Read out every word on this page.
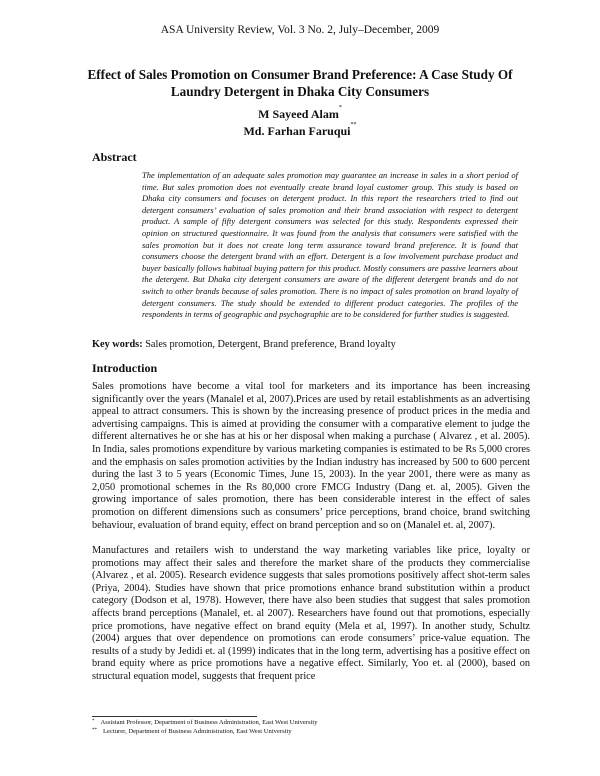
ASA University Review, Vol. 3 No. 2, July–December, 2009
Effect of Sales Promotion on Consumer Brand Preference: A Case Study Of Laundry Detergent in Dhaka City Consumers
M Sayeed Alam*
Md. Farhan Faruqui**
Abstract
The implementation of an adequate sales promotion may guarantee an increase in sales in a short period of time. But sales promotion does not eventually create brand loyal customer group. This study is based on Dhaka city consumers and focuses on detergent product. In this report the researchers tried to find out detergent consumers’ evaluation of sales promotion and their brand association with respect to detergent product. A sample of fifty detergent consumers was selected for this study. Respondents expressed their opinion on structured questionnaire. It was found from the analysis that consumers were satisfied with the sales promotion but it does not create long term assurance toward brand preference. It is found that consumers choose the detergent brand with an effort. Detergent is a low involvement purchase product and buyer basically follows habitual buying pattern for this product. Mostly consumers are passive learners about the detergent. But Dhaka city detergent consumers are aware of the different detergent brands and do not switch to other brands because of sales promotion. There is no impact of sales promotion on brand loyalty of detergent consumers. The study should be extended to different product categories. The profiles of the respondents in terms of geographic and psychographic are to be considered for further studies is suggested.
Key words: Sales promotion, Detergent, Brand preference, Brand loyalty
Introduction
Sales promotions have become a vital tool for marketers and its importance has been increasing significantly over the years (Manalel et al, 2007).Prices are used by retail establishments as an advertising appeal to attract consumers. This is shown by the increasing presence of product prices in the media and advertising campaigns. This is aimed at providing the consumer with a comparative element to judge the different alternatives he or she has at his or her disposal when making a purchase ( Alvarez , et al. 2005). In India, sales promotions expenditure by various marketing companies is estimated to be Rs 5,000 crores and the emphasis on sales promotion activities by the Indian industry has increased by 500 to 600 percent during the last 3 to 5 years (Economic Times, June 15, 2003). In the year 2001, there were as many as 2,050 promotional schemes in the Rs 80,000 crore FMCG Industry (Dang et. al, 2005). Given the growing importance of sales promotion, there has been considerable interest in the effect of sales promotion on different dimensions such as consumers’ price perceptions, brand choice, brand switching behaviour, evaluation of brand equity, effect on brand perception and so on (Manalel et. al, 2007).
Manufactures and retailers wish to understand the way marketing variables like price, loyalty or promotions may affect their sales and therefore the market share of the products they commercialise (Alvarez , et al. 2005). Research evidence suggests that sales promotions positively affect shot-term sales (Priya, 2004). Studies have shown that price promotions enhance brand substitution within a product category (Dodson et al, 1978). However, there have also been studies that suggest that sales promotion affects brand perceptions (Manalel, et. al 2007). Researchers have found out that promotions, especially price promotions, have negative effect on brand equity (Mela et al, 1997). In another study, Schultz (2004) argues that over dependence on promotions can erode consumers’ price-value equation. The results of a study by Jedidi et. al (1999) indicates that in the long term, advertising has a positive effect on brand equity where as price promotions have a negative effect. Similarly, Yoo et. al (2000), based on structural equation model, suggests that frequent price
* Assistant Professor, Department of Business Administration, East West University
** Lecturer, Department of Business Administration, East West University
